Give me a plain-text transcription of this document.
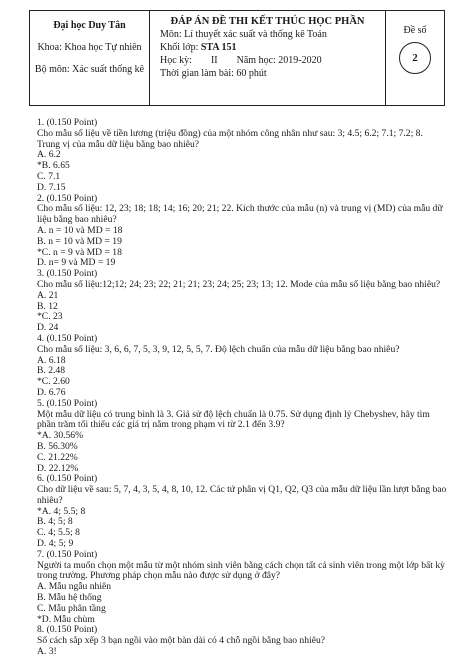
Đại học Duy Tân
Khoa: Khoa học Tự nhiên
Bộ môn: Xác suất thống kê
ĐÁP ÁN ĐỀ THI KẾT THÚC HỌC PHẦN
Môn: Lí thuyết xác suất và thống kê Toán
Khối lớp: STA 151
Học kỳ: II Năm học: 2019-2020
Thời gian làm bài: 60 phút
Đề số
2
1. (0.150 Point)
Cho mẫu số liệu về tiền lương (triệu đồng) của một nhóm công nhân như sau: 3; 4.5; 6.2; 7.1; 7.2; 8. Trung vị của mẫu dữ liệu bằng bao nhiêu?
A. 6.2
*B. 6.65
C. 7.1
D. 7.15
2. (0.150 Point)
Cho mẫu số liệu: 12, 23; 18; 18; 14; 16; 20; 21; 22. Kích thước của mẫu (n) và trung vị (MD) của mẫu dữ liệu bằng bao nhiêu?
A. n = 10 và MD = 18
B. n = 10 và MD = 19
*C. n = 9 và MD = 18
D. n= 9 và MD = 19
3. (0.150 Point)
Cho mẫu số liệu:12;12; 24; 23; 22; 21; 21; 23; 24; 25; 23; 13; 12. Mode của mẫu số liệu bằng bao nhiêu?
A. 21
B. 12
*C. 23
D. 24
4. (0.150 Point)
Cho mẫu số liệu: 3, 6, 6, 7, 5, 3, 9, 12, 5, 5, 7. Độ lệch chuẩn của mẫu dữ liệu bằng bao nhiêu?
A. 6.18
B. 2.48
*C. 2.60
D. 6.76
5. (0.150 Point)
Một mẫu dữ liệu có trung bình là 3. Giả sử độ lệch chuẩn là 0.75. Sử dụng định lý Chebyshev, hãy tìm phần trăm tối thiểu các giá trị nằm trong phạm vi từ 2.1 đến 3.9?
*A. 30.56%
B. 56.30%
C. 21.22%
D. 22.12%
6. (0.150 Point)
Cho dữ liệu về sau: 5, 7, 4, 3, 5, 4, 8, 10, 12. Các tứ phân vị Q1, Q2, Q3 của mẫu dữ liệu lần lượt bằng bao nhiêu?
*A. 4; 5.5; 8
B. 4; 5; 8
C. 4; 5.5; 8
D. 4; 5; 9
7. (0.150 Point)
Người ta muốn chọn một mẫu từ một nhóm sinh viên bằng cách chọn tất cả sinh viên trong một lớp bất kỳ trong trường. Phương pháp chọn mẫu nào được sử dụng ở đây?
A. Mẫu ngẫu nhiên
B. Mẫu hệ thống
C. Mẫu phân tầng
*D. Mẫu chùm
8. (0.150 Point)
Số cách sắp xếp 3 bạn ngồi vào một bàn dài có 4 chỗ ngồi bằng bao nhiêu?
A. 3!
